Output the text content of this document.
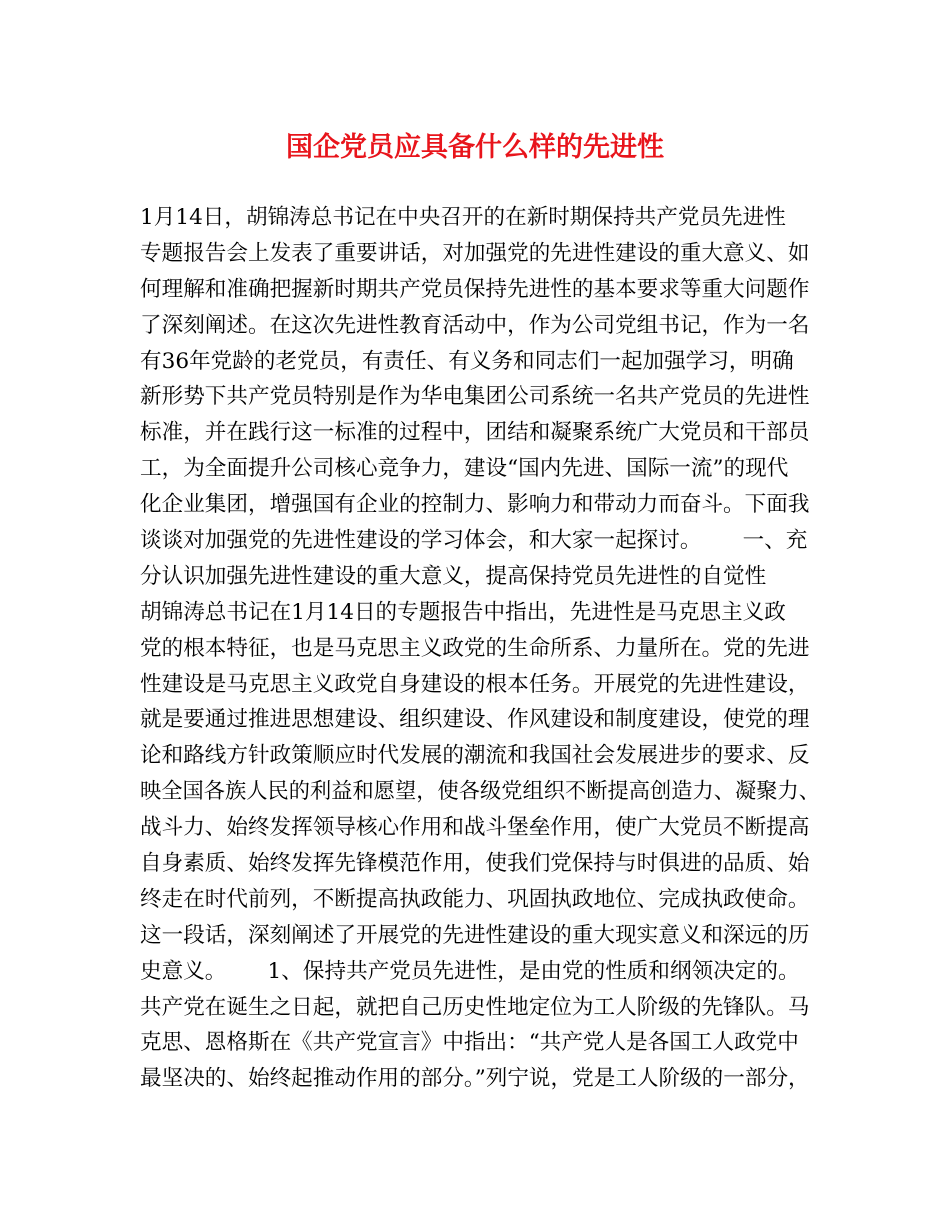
国企党员应具备什么样的先进性
1月14日，胡锦涛总书记在中央召开的在新时期保持共产党员先进性
专题报告会上发表了重要讲话，对加强党的先进性建设的重大意义、如
何理解和准确把握新时期共产党员保持先进性的基本要求等重大问题作
了深刻阐述。在这次先进性教育活动中，作为公司党组书记，作为一名
有36年党龄的老党员，有责任、有义务和同志们一起加强学习，明确
新形势下共产党员特别是作为华电集团公司系统一名共产党员的先进性
标准，并在践行这一标准的过程中，团结和凝聚系统广大党员和干部员
工，为全面提升公司核心竞争力，建设“国内先进、国际一流”的现代
化企业集团，增强国有企业的控制力、影响力和带动力而奋斗。下面我
谈谈对加强党的先进性建设的学习体会，和大家一起探讨。      一、充
分认识加强先进性建设的重大意义，提高保持党员先进性的自觉性
胡锦涛总书记在1月14日的专题报告中指出，先进性是马克思主义政
党的根本特征，也是马克思主义政党的生命所系、力量所在。党的先进
性建设是马克思主义政党自身建设的根本任务。开展党的先进性建设，
就是要通过推进思想建设、组织建设、作风建设和制度建设，使党的理
论和路线方针政策顺应时代发展的潮流和我国社会发展进步的要求、反
映全国各族人民的利益和愿望，使各级党组织不断提高创造力、凝聚力、
战斗力、始终发挥领导核心作用和战斗堡垒作用，使广大党员不断提高
自身素质、始终发挥先锋模范作用，使我们党保持与时俱进的品质、始
终走在时代前列，不断提高执政能力、巩固执政地位、完成执政使命。
这一段话，深刻阐述了开展党的先进性建设的重大现实意义和深远的历
史意义。      1、保持共产党员先进性，是由党的性质和纲领决定的。
共产党在诞生之日起，就把自己历史性地定位为工人阶级的先锋队。马
克思、恩格斯在《共产党宣言》中指出：“共产党人是各国工人政党中
最坚决的、始终起推动作用的部分。”列宁说，党是工人阶级的一部分，
